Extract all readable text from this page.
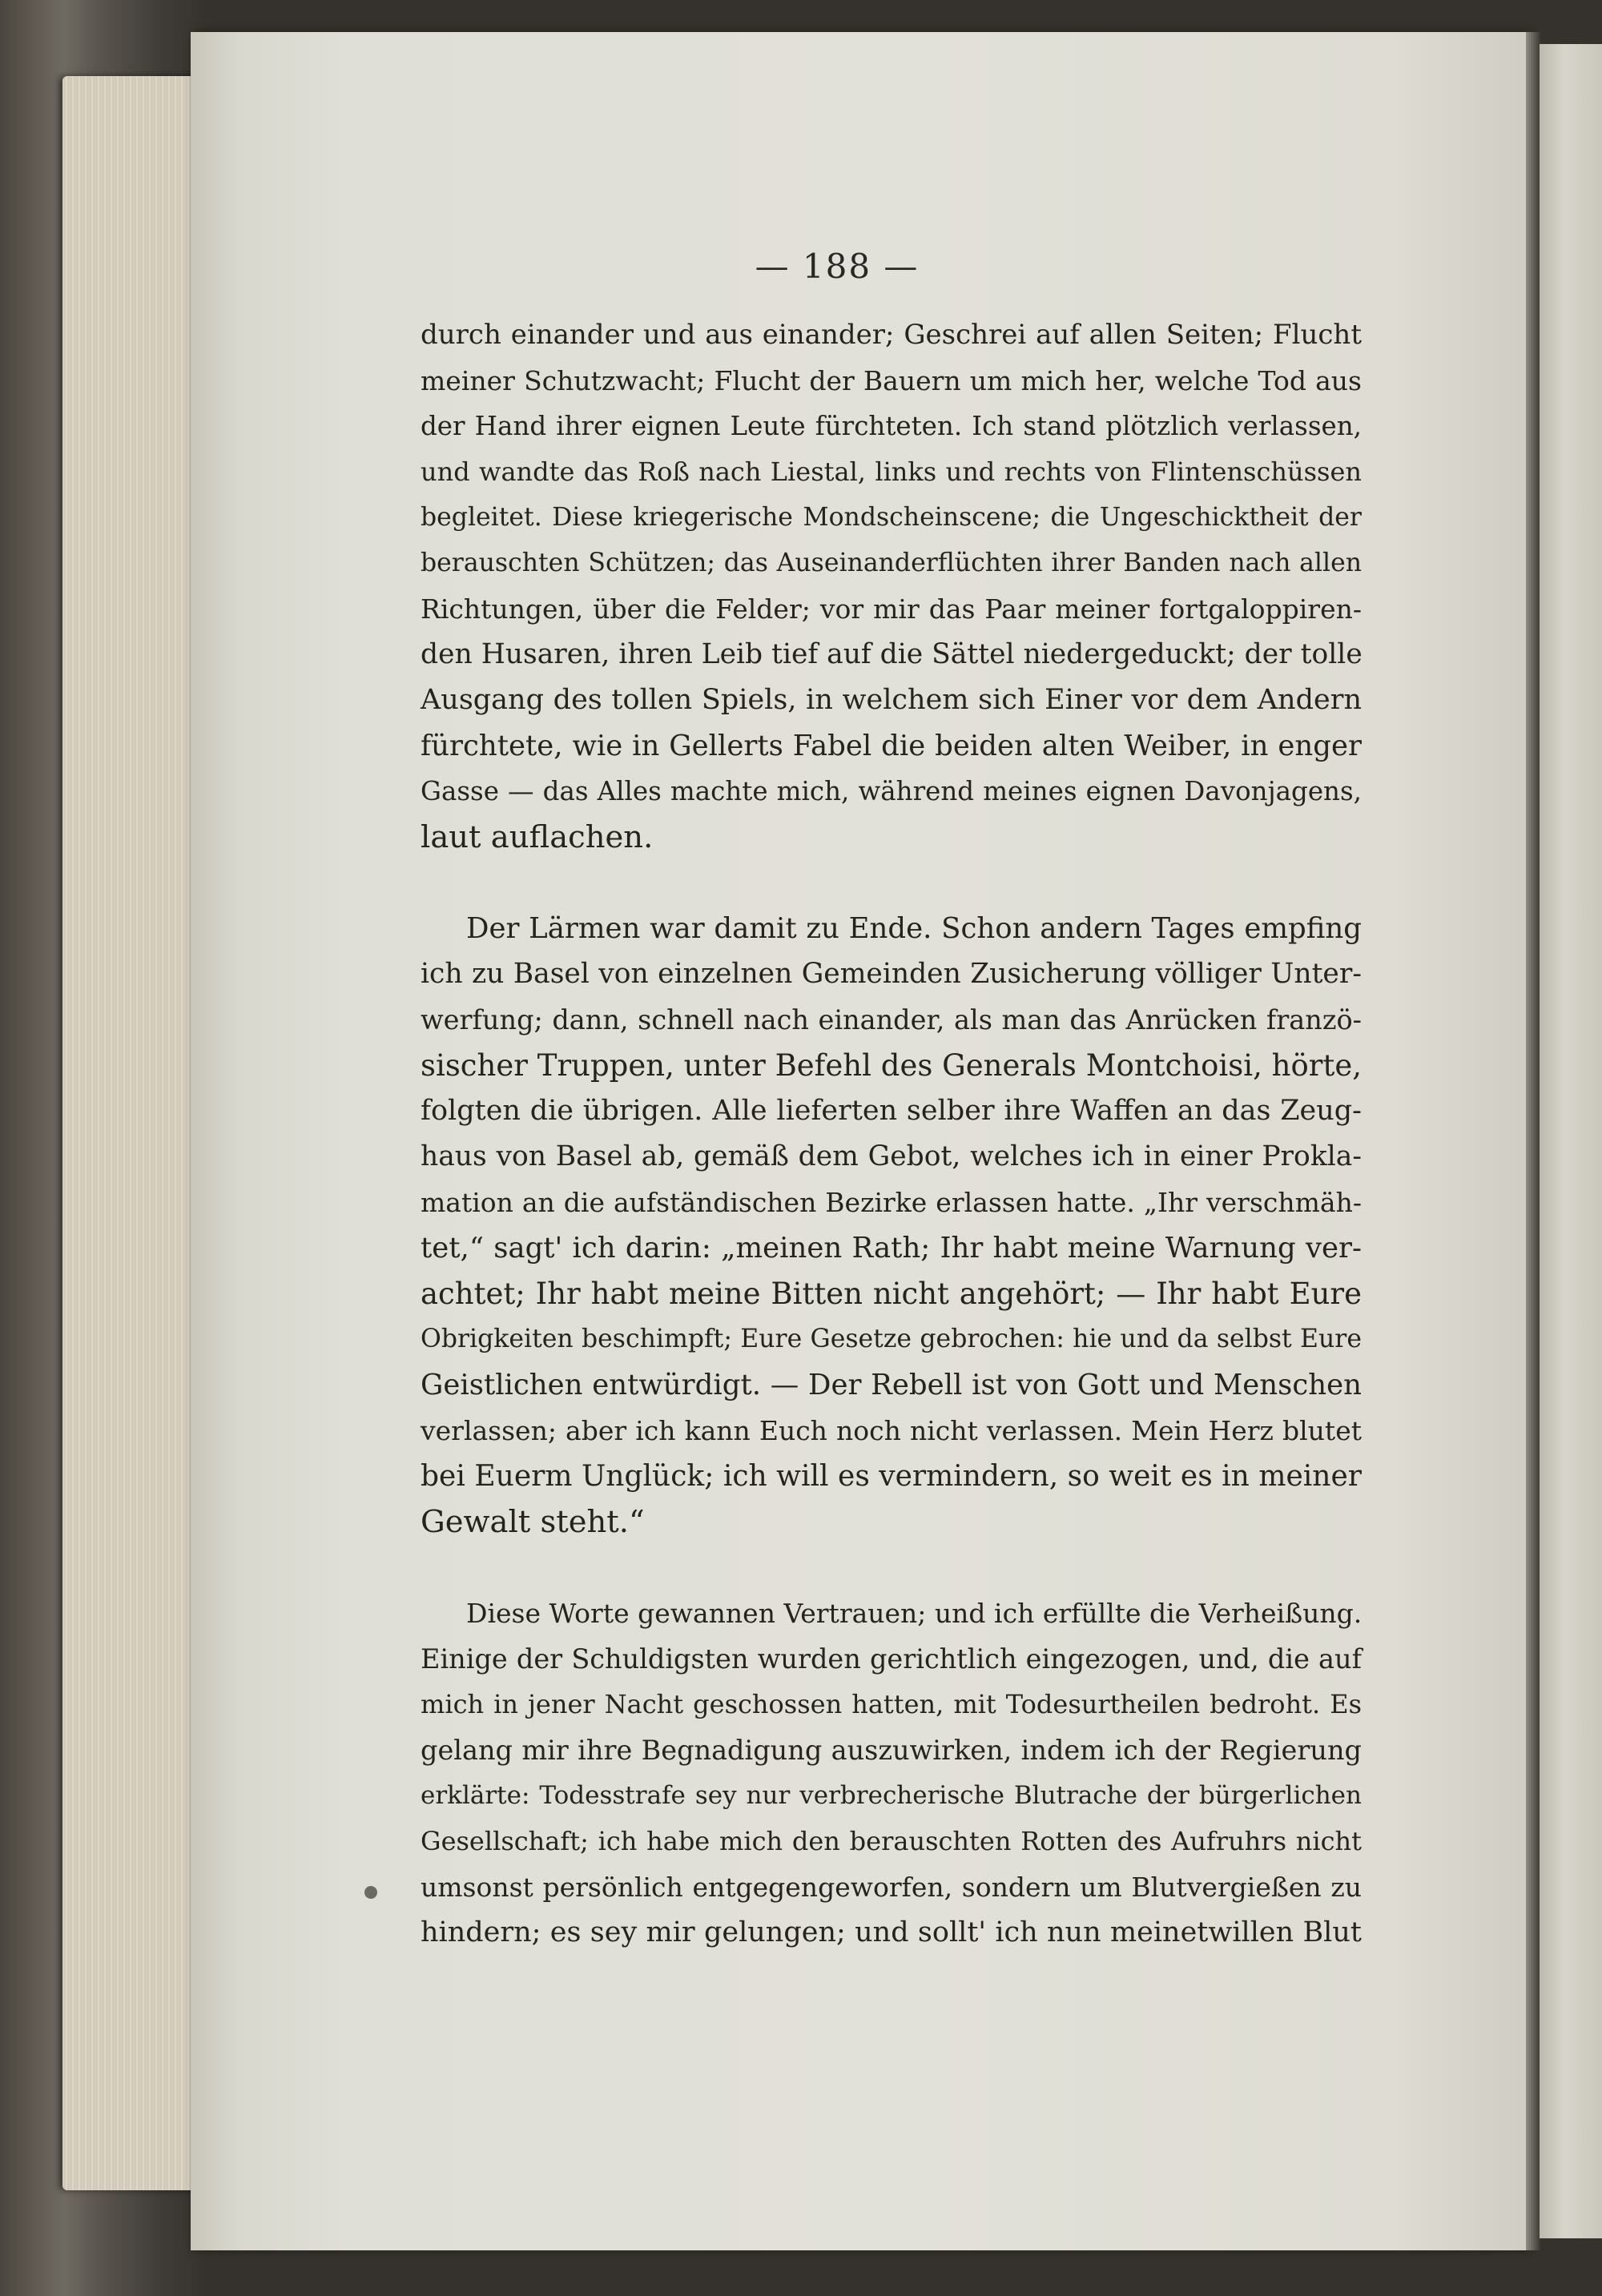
— 188 —

durch einander und aus einander; Geschrei auf allen Seiten; Flucht
meiner Schutzwacht; Flucht der Bauern um mich her, welche Tod aus
der Hand ihrer eignen Leute fürchteten. Ich stand plötzlich verlassen,
und wandte das Roß nach Liestal, links und rechts von Flintenschüssen
begleitet. Diese kriegerische Mondscheinscene; die Ungeschicktheit der
berauschten Schützen; das Auseinanderflüchten ihrer Banden nach allen
Richtungen, über die Felder; vor mir das Paar meiner fortgaloppiren-
den Husaren, ihren Leib tief auf die Sättel niedergeduckt; der tolle
Ausgang des tollen Spiels, in welchem sich Einer vor dem Andern
fürchtete, wie in Gellerts Fabel die beiden alten Weiber, in enger
Gasse — das Alles machte mich, während meines eignen Davonjagens,
laut auflachen.

Der Lärmen war damit zu Ende. Schon andern Tages empfing
ich zu Basel von einzelnen Gemeinden Zusicherung völliger Unter-
werfung; dann, schnell nach einander, als man das Anrücken franzö-
sischer Truppen, unter Befehl des Generals Montchoisi, hörte,
folgten die übrigen. Alle lieferten selber ihre Waffen an das Zeug-
haus von Basel ab, gemäß dem Gebot, welches ich in einer Prokla-
mation an die aufständischen Bezirke erlassen hatte. „Ihr verschmäh-
tet,“ sagt' ich darin: „meinen Rath; Ihr habt meine Warnung ver-
achtet; Ihr habt meine Bitten nicht angehört; — Ihr habt Eure
Obrigkeiten beschimpft; Eure Gesetze gebrochen: hie und da selbst Eure
Geistlichen entwürdigt. — Der Rebell ist von Gott und Menschen
verlassen; aber ich kann Euch noch nicht verlassen. Mein Herz blutet
bei Euerm Unglück; ich will es vermindern, so weit es in meiner
Gewalt steht.“

Diese Worte gewannen Vertrauen; und ich erfüllte die Verheißung.
Einige der Schuldigsten wurden gerichtlich eingezogen, und, die auf
mich in jener Nacht geschossen hatten, mit Todesurtheilen bedroht. Es
gelang mir ihre Begnadigung auszuwirken, indem ich der Regierung
erklärte: Todesstrafe sey nur verbrecherische Blutrache der bürgerlichen
Gesellschaft; ich habe mich den berauschten Rotten des Aufruhrs nicht
umsonst persönlich entgegengeworfen, sondern um Blutvergießen zu
hindern; es sey mir gelungen; und sollt' ich nun meinetwillen Blut
